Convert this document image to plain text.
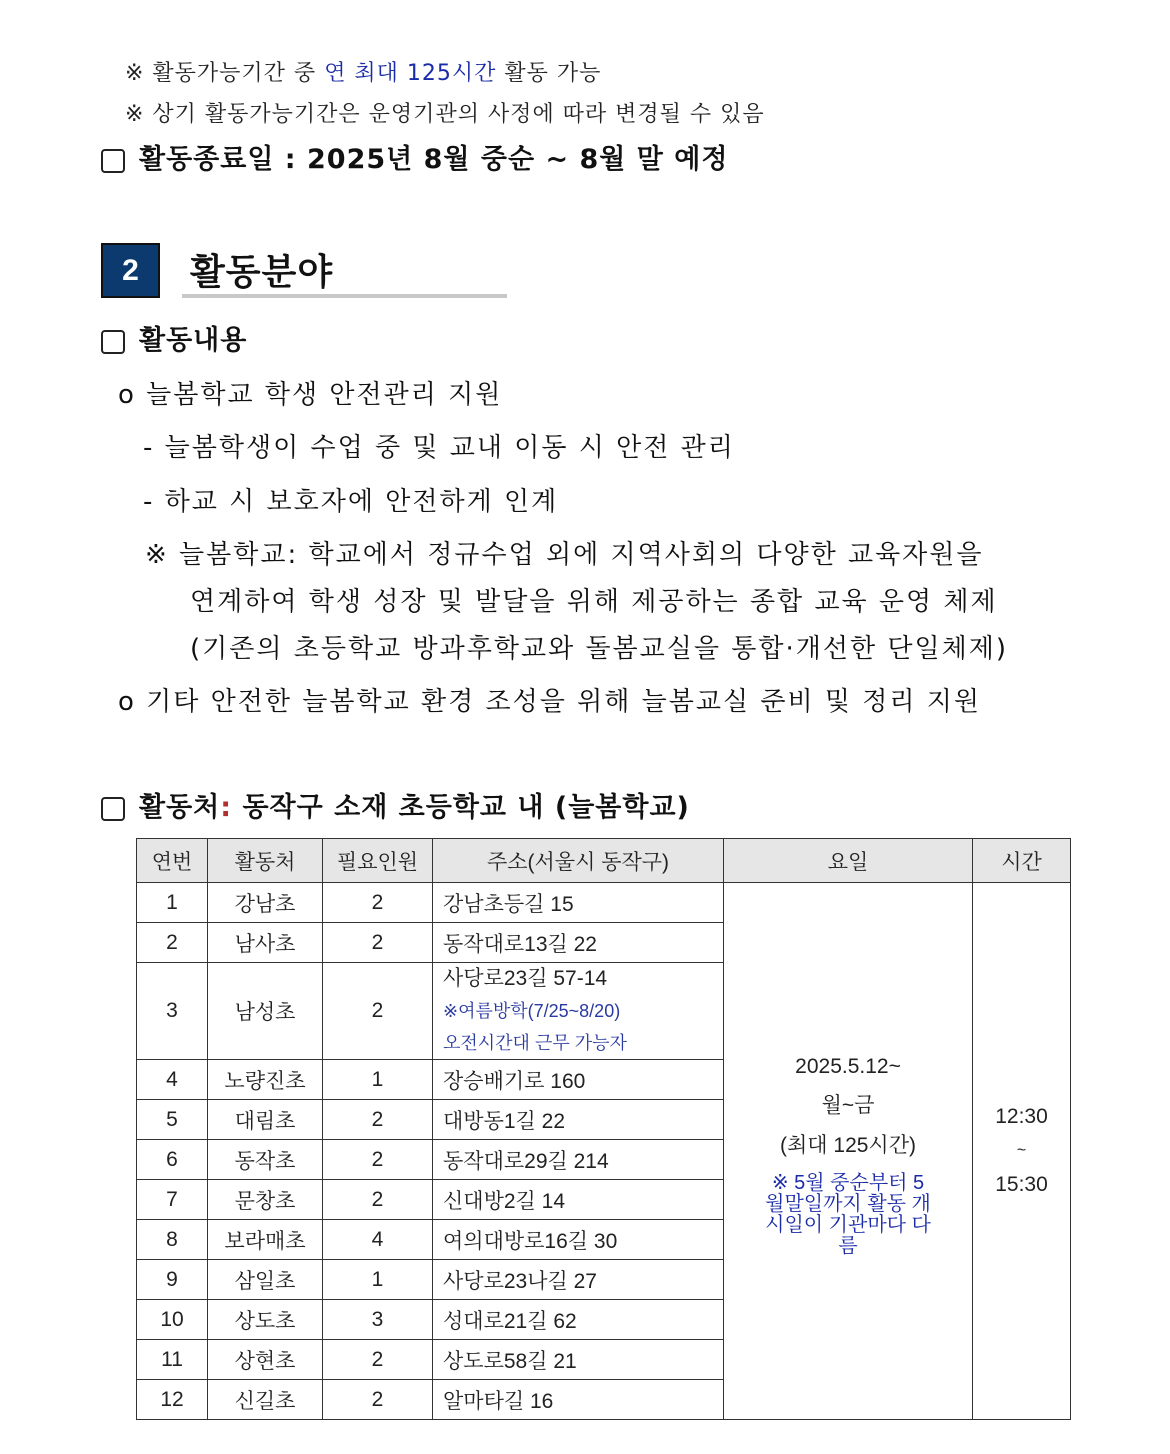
※ 활동가능기간 중 연 최대 125시간 활동 가능
※ 상기 활동가능기간은 운영기관의 사정에 따라 변경될 수 있음
활동종료일 : 2025년 8월 중순 ~ 8월 말 예정
2	활동분야
활동내용
o 늘봄학교 학생 안전관리 지원
- 늘봄학생이 수업 중 및 교내 이동 시 안전 관리
- 하교 시 보호자에 안전하게 인계
※ 늘봄학교: 학교에서 정규수업 외에 지역사회의 다양한 교육자원을
연계하여 학생 성장 및 발달을 위해 제공하는 종합 교육 운영 체제
(기존의 초등학교 방과후학교와 돌봄교실을 통합·개선한 단일체제)
o 기타 안전한 늘봄학교 환경 조성을 위해 늘봄교실 준비 및 정리 지원
활동처: 동작구 소재 초등학교 내 (늘봄학교)
연번	활동처	필요인원	주소(서울시 동작구)	요일	시간
1	강남초	2	강남초등길 15	2025.5.12~
월~금
(최대 125시간)
※ 5월 중순부터 5월말일까지 활동 개시일이 기관마다 다름	12:30
~
15:30

2	남사초	2	동작대로13길 22		
3	남성초	2	사당로23길 57-14
※여름방학(7/25~8/20)
오전시간대 근무 가능자		

4	노량진초	1	장승배기로 160		
5	대림초	2	대방동1길 22		
6	동작초	2	동작대로29길 214		
7	문창초	2	신대방2길 14		
8	보라매초	4	여의대방로16길 30		
9	삼일초	1	사당로23나길 27		
10	상도초	3	성대로21길 62		
11	상현초	2	상도로58길 21		
12	신길초	2	알마타길 16		
